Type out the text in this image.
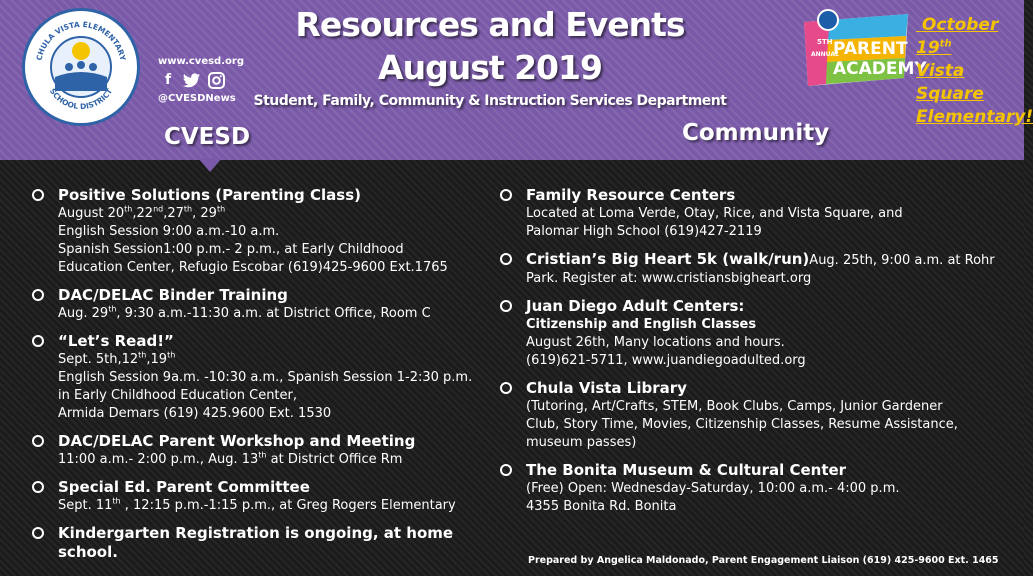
CHULA VISTA ELEMENTARY
SCHOOL DISTRICT
www.cvesd.org
f
@CVESDNews
Resources and Events
August 2019
Student, Family, Community & Instruction Services Department
5TH
ANNUAL
PARENT
ACADEMY
October
19th
Vista
Square
Elementary!
CVESD	Community
Positive Solutions (Parenting Class)
August 20th,22nd,27th, 29th
English Session 9:00 a.m.-10 a.m.
Spanish Session1:00 p.m.- 2 p.m., at Early Childhood
Education Center, Refugio Escobar (619)425-9600 Ext.1765
DAC/DELAC Binder Training
Aug. 29th, 9:30 a.m.-11:30 a.m. at District Office, Room C
“Let’s Read!”
Sept. 5th,12th,19th
English Session 9a.m. -10:30 a.m., Spanish Session 1-2:30 p.m.
in Early Childhood Education Center,
Armida Demars (619) 425.9600 Ext. 1530
DAC/DELAC Parent Workshop and Meeting
11:00 a.m.- 2:00 p.m., Aug. 13th at District Office Rm
Special Ed. Parent Committee
Sept. 11th , 12:15 p.m.-1:15 p.m., at Greg Rogers Elementary
Kindergarten Registration is ongoing, at home school.
Family Resource Centers
Located at Loma Verde, Otay, Rice, and Vista Square, and
Palomar High School (619)427-2119
Cristian’s Big Heart 5k (walk/run)Aug. 25th, 9:00 a.m. at Rohr
Park. Register at: www.cristiansbigheart.org
Juan Diego Adult Centers:
Citizenship and English Classes
August 26th, Many locations and hours.
(619)621-5711, www.juandiegoadulted.org
Chula Vista Library
(Tutoring, Art/Crafts, STEM, Book Clubs, Camps, Junior Gardener
Club, Story Time, Movies, Citizenship Classes, Resume Assistance,
museum passes)
The Bonita Museum & Cultural Center
(Free) Open: Wednesday-Saturday, 10:00 a.m.- 4:00 p.m.
4355 Bonita Rd. Bonita
Prepared by Angelica Maldonado, Parent Engagement Liaison (619) 425-9600 Ext. 1465
